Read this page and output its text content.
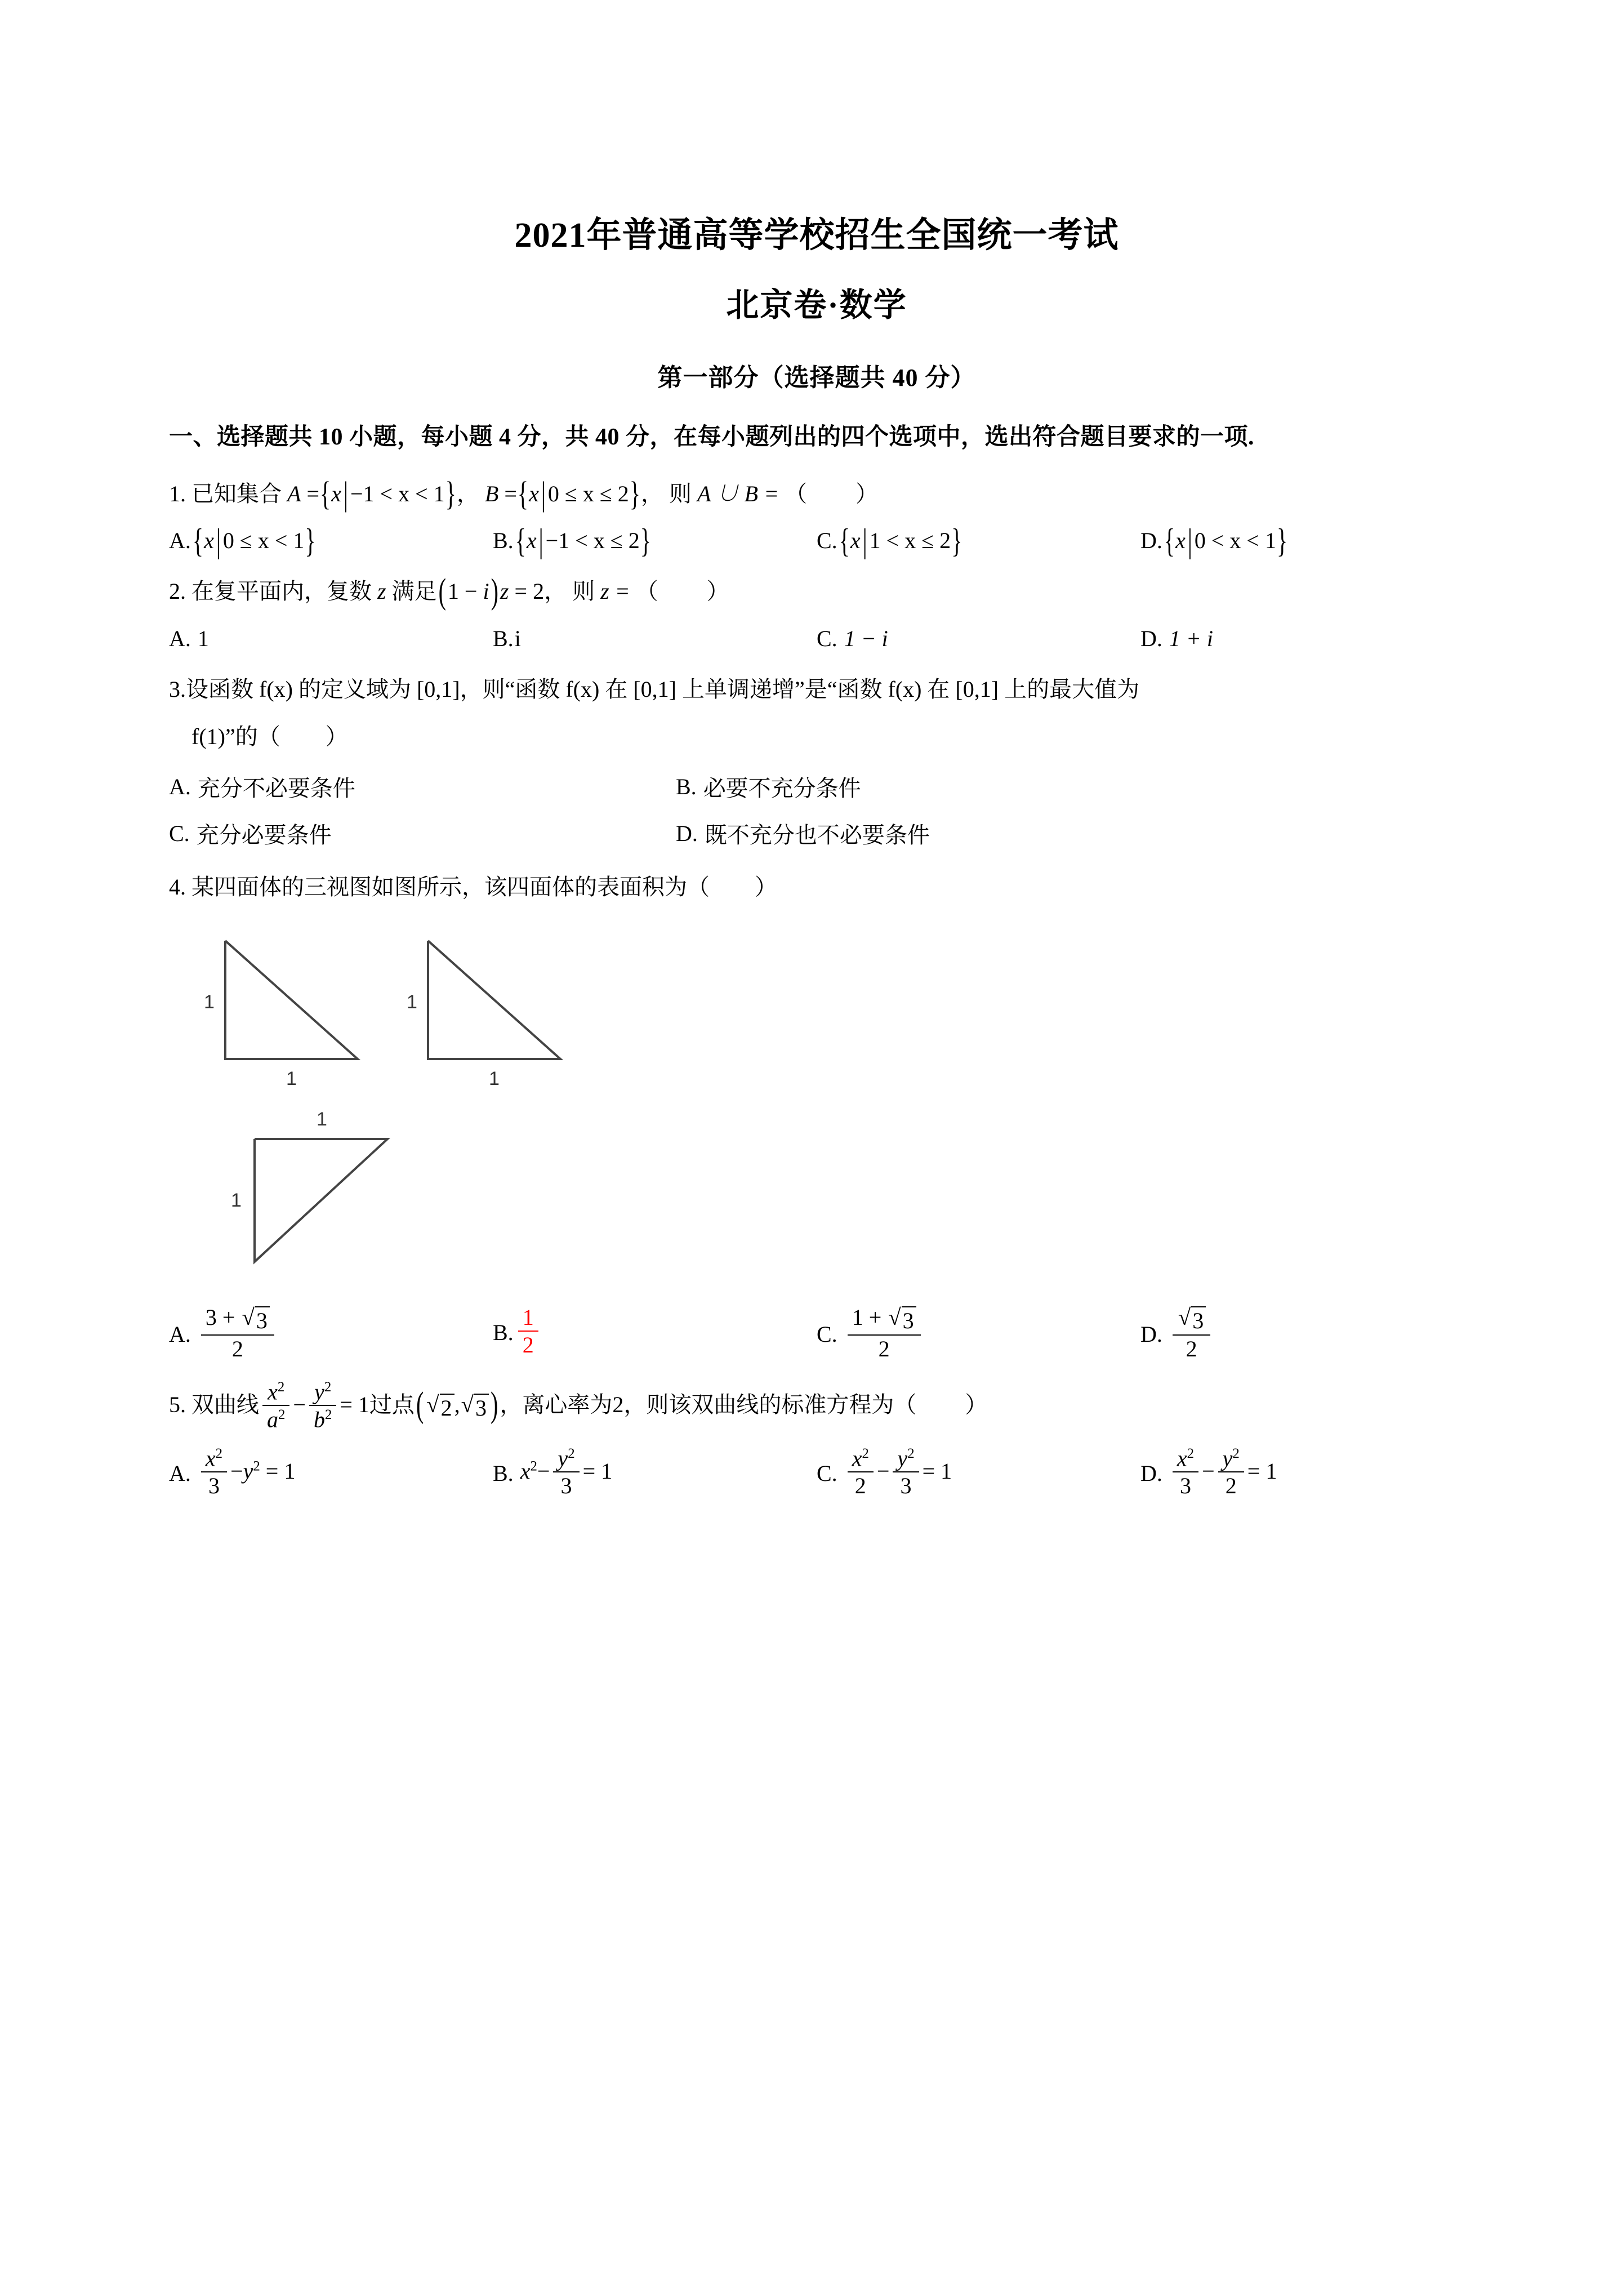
2021年普通高等学校招生全国统一考试
北京卷·数学
第一部分（选择题共 40 分）
一、选择题共 10 小题，每小题 4 分，共 40 分，在每小题列出的四个选项中，选出符合题目要求的一项.
1. 已知集合 A = { x | −1 < x < 1 } ， B = { x | 0 ≤ x ≤ 2 } ， 则 A ∪ B = （ ）
A. { x | 0 ≤ x < 1 }	B. { x | −1 < x ≤ 2 }	C. { x | 1 < x ≤ 2 }	D. { x | 0 < x < 1 }
2. 在复平面内，复数 z 满足(1 − i)z = 2， 则 z = （ ）
A. 1	B. i	C. 1 − i	D. 1 + i
3.设函数 f(x) 的定义域为 [0,1]，则“函数 f(x) 在 [0,1] 上单调递增”是“函数 f(x) 在 [0,1] 上的最大值为
f(1)”的（　　）
A. 充分不必要条件	B. 必要不充分条件
C. 充分必要条件	D. 既不充分也不必要条件
4. 某四面体的三视图如图所示，该四面体的表面积为（　　）
1
1
1
1
1
1
A. $\frac{3 + √ 3}{2}$	B. $\frac{1}{2}$	C. $\frac{1 + √ 3}{2}$	D. $\frac{√ 3}{2}$
5. 双曲线 $\frac{x^2}{a^2} - \frac{y^2}{b^2} = 1$过点( √ 2 , √ 3 )，离心率为2，则该双曲线的标准方程为（ ）
A. $\frac{x^2}{3} -y^2 = 1$	B. $x^2- \frac{y^2}{3} = 1$	C. $\frac{x^2}{2} - \frac{y^2}{3} = 1$	D. $\frac{x^2}{3} - \frac{y^2}{2} = 1$
